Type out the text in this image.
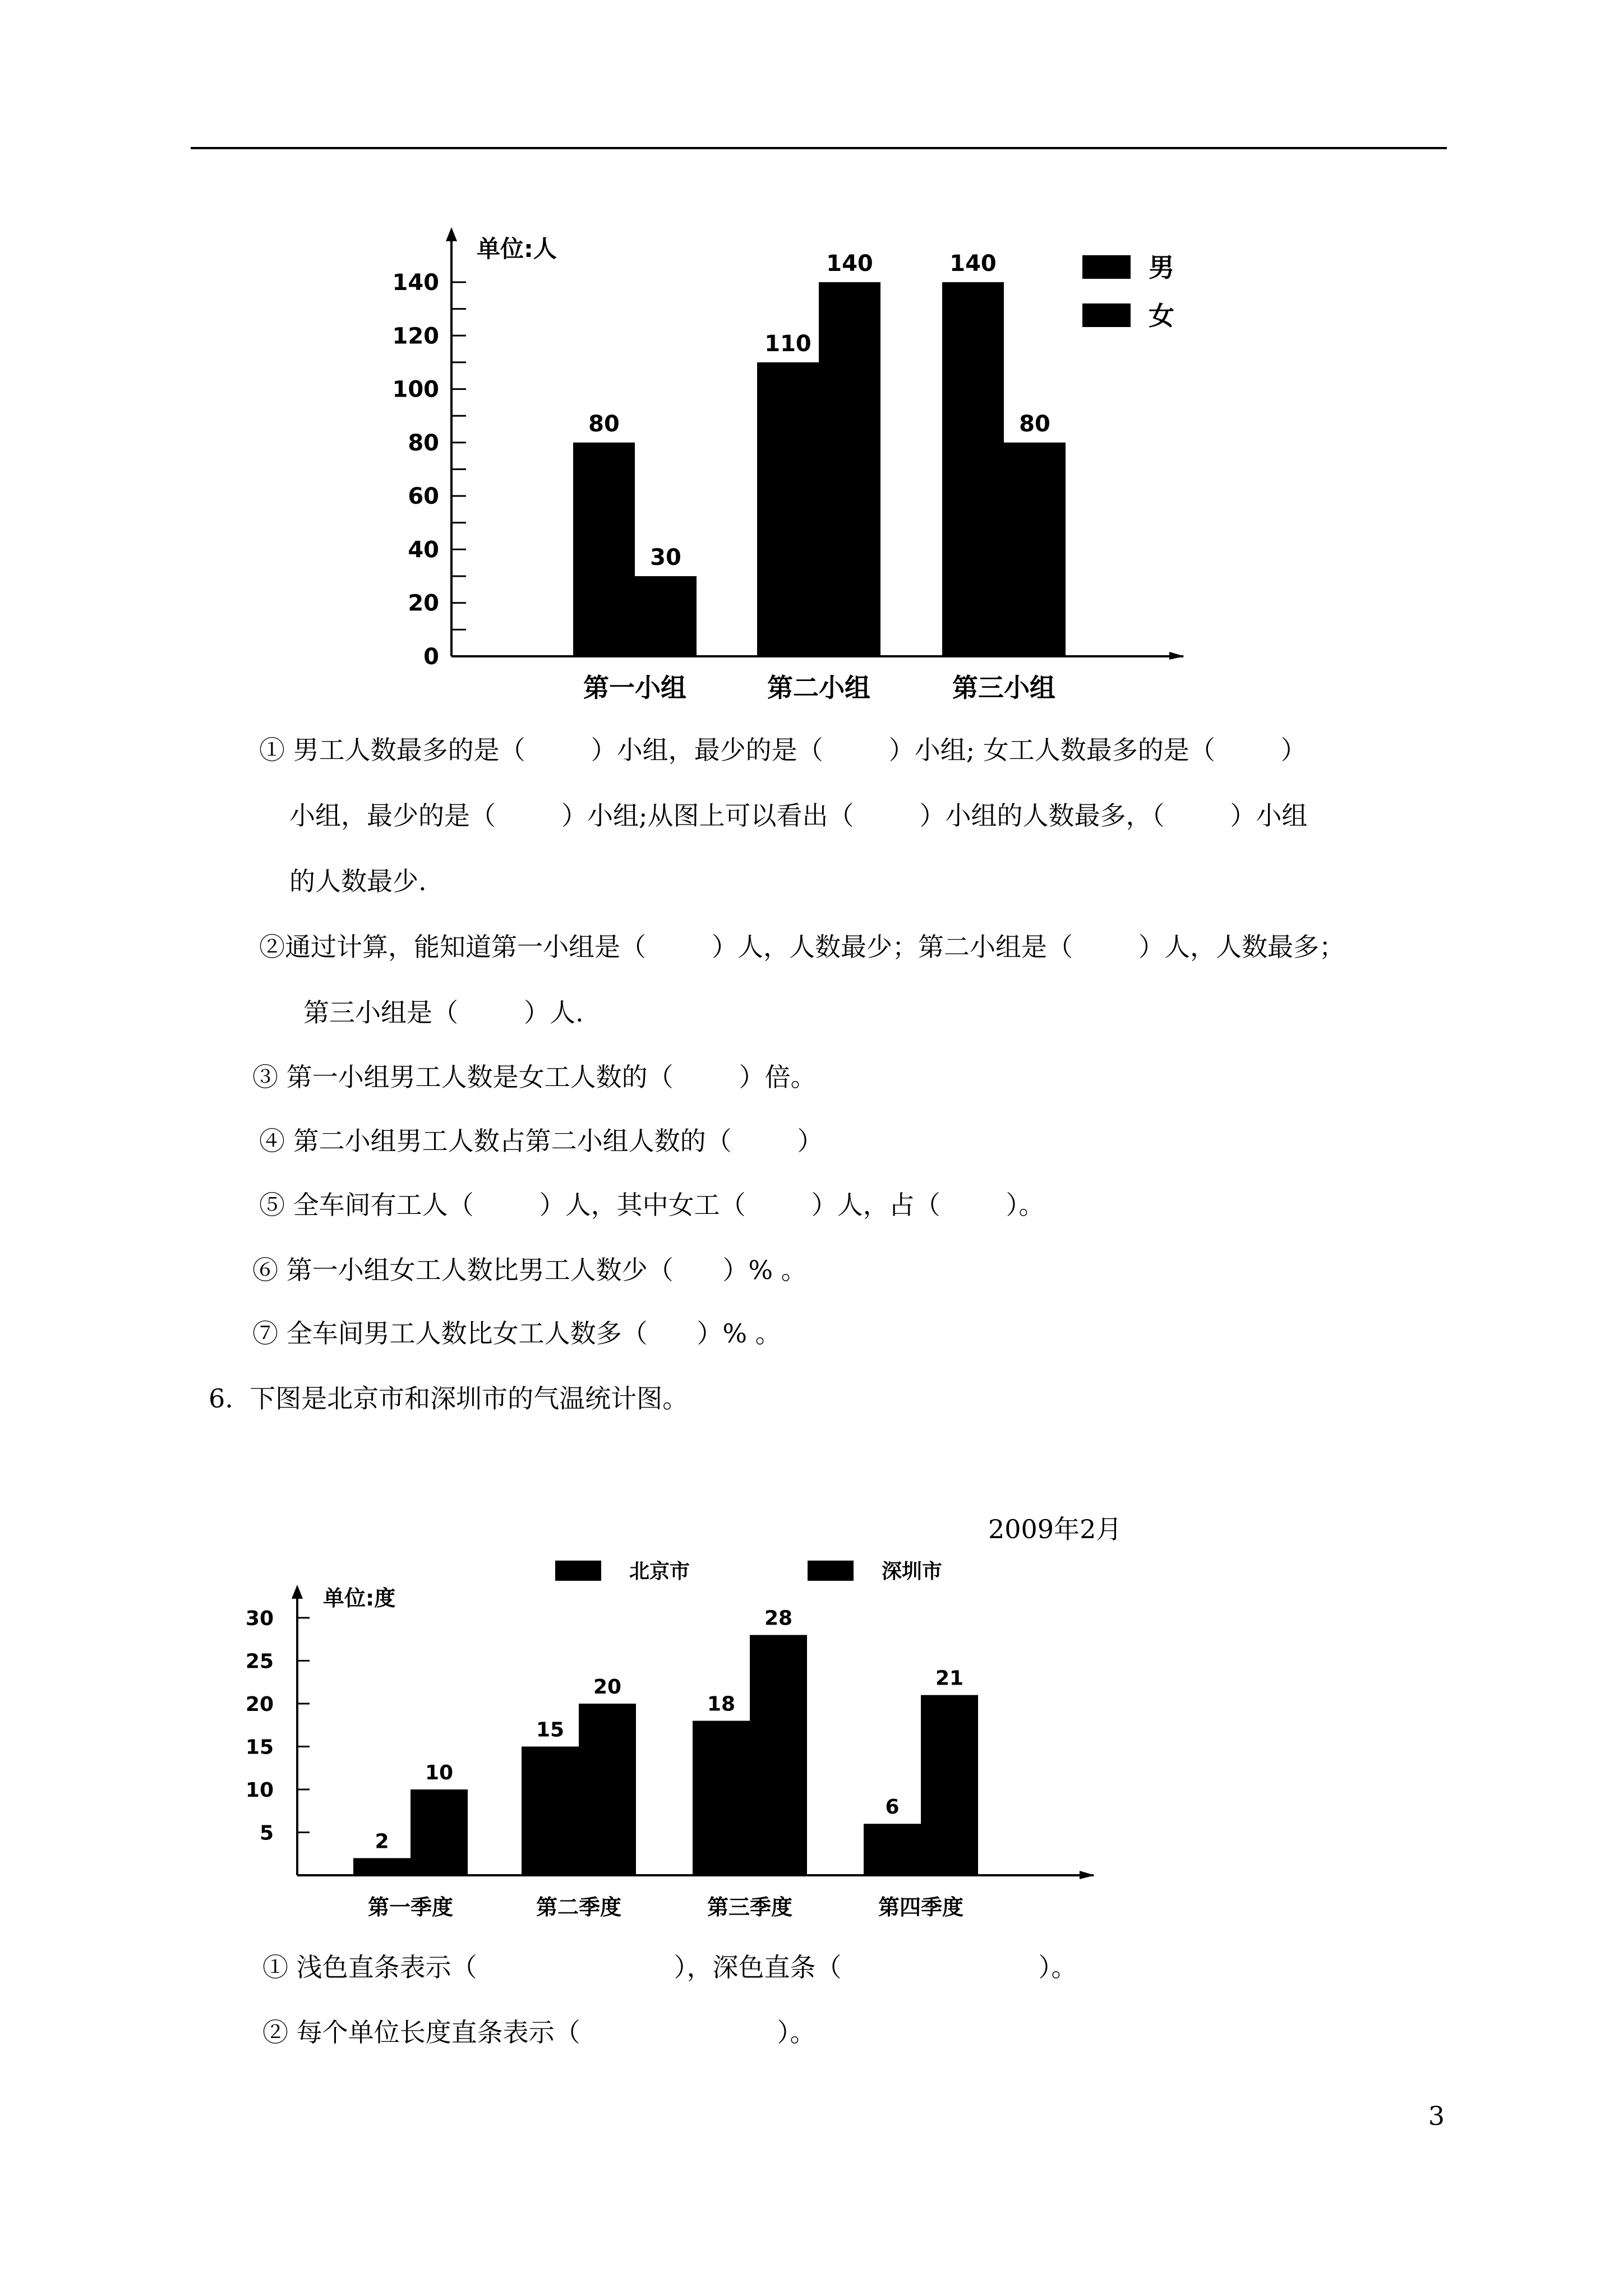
0
20
40
60
80
100
120
140
单位:人
80
30
第一小组
110
140
第二小组
140
80
第三小组
男
女
① 男工人数最多的是（        ）小组，最少的是（        ）小组; 女工人数最多的是（        ）
小组，最少的是（        ）小组;从图上可以看出（        ）小组的人数最多，（        ）小组
的人数最少.
②通过计算，能知道第一小组是（        ）人，人数最少；第二小组是（        ）人，人数最多；
第三小组是（        ）人.
③ 第一小组男工人数是女工人数的（        ）倍。
④ 第二小组男工人数占第二小组人数的（        ）
⑤ 全车间有工人（        ）人，其中女工（        ）人，占（        ）。
⑥ 第一小组女工人数比男工人数少（      ）% 。
⑦ 全车间男工人数比女工人数多（      ）% 。
6.  下图是北京市和深圳市的气温统计图。
2009年2月
5
10
15
20
25
30
单位:度
2
10
第一季度
15
20
第二季度
18
28
第三季度
6
21
第四季度
北京市	深圳市
① 浅色直条表示（                        ），深色直条（                        ）。
② 每个单位长度直条表示（                        ）。
3
